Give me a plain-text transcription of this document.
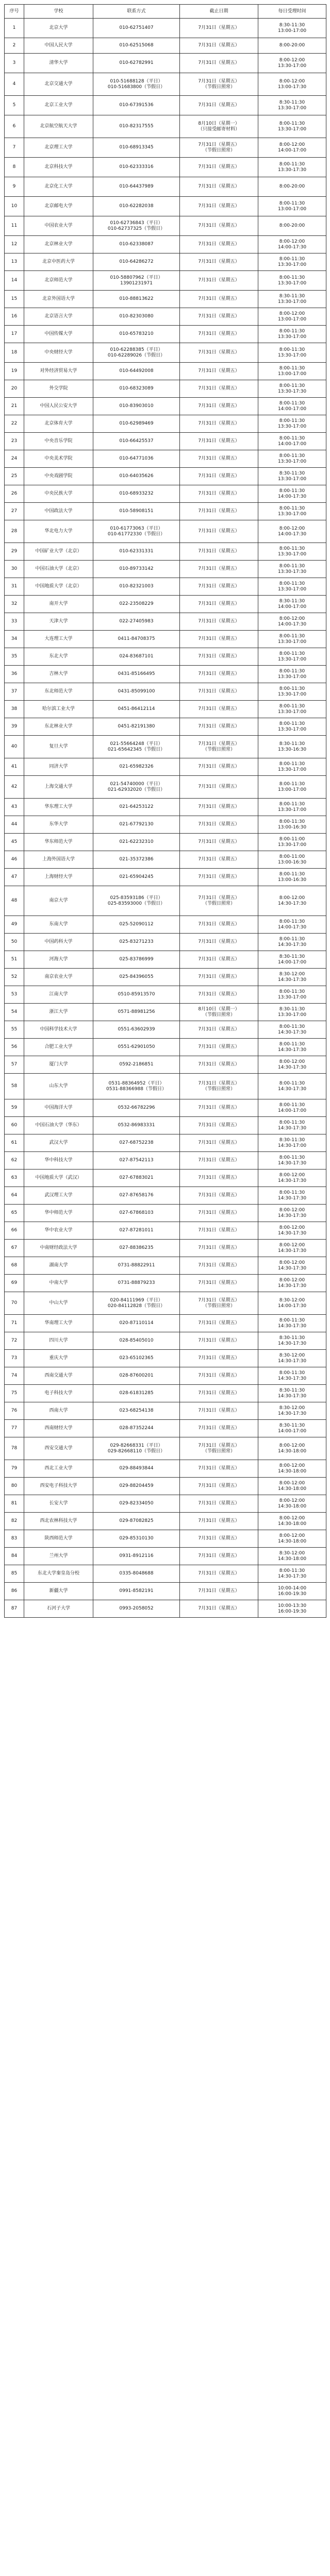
序号	学校	联系方式	截止日期	每日受理时间
1	北京大学	010-62751407	7月31日（星期五）	8:30-11:30
13:00-17:00
2	中国人民大学	010-62515068	7月31日（星期五）	8:00-20:00
3	清华大学	010-62782991	7月31日（星期五）	8:00-12:00
13:30-17:00
4	北京交通大学	010-51688128（平日）
010-51683800（节假日）	7月31日（星期五）
（节假日照常）	8:00-12:00
13:00-17:30
5	北京工业大学	010-67391536	7月31日（星期五）	8:30-11:30
13:30-17:00
6	北京航空航天大学	010-82317555	8月10日（星期一）
（只接受邮寄材料）	8:00-11:30
13:30-17:00
7	北京理工大学	010-68913345	7月31日（星期五）
（节假日照常）	8:00-12:00
14:00-17:00
8	北京科技大学	010-62333316	7月31日（星期五）	8:00-11:30
13:30-17:30
9	北京化工大学	010-64437989	7月31日（星期五）	8:00-20:00
10	北京邮电大学	010-62282038	7月31日（星期五）	8:00-11:30
13:00-17:00
11	中国农业大学	010-62736843（平日）
010-62737325（节假日）	7月31日（星期五）	8:00-20:00
12	北京林业大学	010-62338087	7月31日（星期五）	8:00-12:00
14:00-17:30
13	北京中医药大学	010-64286272	7月31日（星期五）	8:00-11:30
13:30-17:00
14	北京师范大学	010-58807962（平日）
13901231971	7月31日（星期五）	8:00-11:30
13:30-17:00
15	北京外国语大学	010-88813622	7月31日（星期五）	8:30-11:30
13:30-17:00
16	北京语言大学	010-82303080	7月31日（星期五）	8:00-12:00
13:00-17:00
17	中国传媒大学	010-65783210	7月31日（星期五）	8:00-11:30
13:30-17:00
18	中央财经大学	010-62288385（平日）
010-62289026（节假日）	7月31日（星期五）	8:00-11:30
13:30-17:00
19	对外经济贸易大学	010-64492008	7月31日（星期五）	8:00-11:30
13:00-17:00
20	外交学院	010-68323089	7月31日（星期五）	8:00-11:30
13:30-17:30
21	中国人民公安大学	010-83903010	7月31日（星期五）	8:00-11:30
14:00-17:00
22	北京体育大学	010-62989469	7月31日（星期五）	8:00-11:30
13:30-17:00
23	中央音乐学院	010-66425537	7月31日（星期五）	8:00-11:30
14:00-17:00
24	中央美术学院	010-64771036	7月31日（星期五）	8:00-11:30
13:30-17:00
25	中央戏剧学院	010-64035626	7月31日（星期五）	8:30-11:30
13:30-17:00
26	中央民族大学	010-68933232	7月31日（星期五）	8:00-11:30
14:00-17:30
27	中国政法大学	010-58908151	7月31日（星期五）	8:00-11:30
13:30-17:00
28	华北电力大学	010-61773063（平日）
010-61772330（节假日）	7月31日（星期五）	8:00-12:00
14:00-17:30
29	中国矿业大学（北京）	010-62331331	7月31日（星期五）	8:00-11:30
13:30-17:00
30	中国石油大学（北京）	010-89733142	7月31日（星期五）	8:00-11:30
13:30-17:30
31	中国地质大学（北京）	010-82321003	7月31日（星期五）	8:00-11:30
13:30-17:00
32	南开大学	022-23508229	7月31日（星期五）	8:30-11:30
14:00-17:00
33	天津大学	022-27405983	7月31日（星期五）	8:00-12:00
14:00-17:30
34	大连理工大学	0411-84708375	7月31日（星期五）	8:00-11:30
13:30-17:00
35	东北大学	024-83687101	7月31日（星期五）	8:00-11:30
13:30-17:00
36	吉林大学	0431-85166495	7月31日（星期五）	8:00-11:30
13:30-17:00
37	东北师范大学	0431-85099100	7月31日（星期五）	8:00-11:30
13:30-17:00
38	哈尔滨工业大学	0451-86412114	7月31日（星期五）	8:00-11:30
13:30-17:00
39	东北林业大学	0451-82191380	7月31日（星期五）	8:00-11:30
13:30-17:00
40	复旦大学	021-55664248（平日）
021-65642345（节假日）	7月31日（星期五）
（节假日照常）	8:30-11:30
13:30-16:30
41	同济大学	021-65982326	7月31日（星期五）	8:00-11:30
13:30-17:00
42	上海交通大学	021-54740000（平日）
021-62932020（节假日）	7月31日（星期五）	8:00-11:30
13:00-17:00
43	华东理工大学	021-64253122	7月31日（星期五）	8:00-11:30
13:30-17:00
44	东华大学	021-67792130	7月31日（星期五）	8:00-11:30
13:00-16:30
45	华东师范大学	021-62232310	7月31日（星期五）	8:00-11:00
13:30-17:00
46	上海外国语大学	021-35372386	7月31日（星期五）	8:00-11:00
13:00-16:30
47	上海财经大学	021-65904245	7月31日（星期五）	8:00-11:30
13:00-16:30
48	南京大学	025-83593186（平日）
025-83593000（节假日）	7月31日（星期五）
（节假日照常）	8:00-12:00
14:30-17:30
49	东南大学	025-52090112	7月31日（星期五）	8:00-11:30
14:00-17:30
50	中国药科大学	025-83271233	7月31日（星期五）	8:00-11:30
14:30-17:30
51	河海大学	025-83786999	7月31日（星期五）	8:30-11:30
14:00-17:00
52	南京农业大学	025-84396055	7月31日（星期五）	8:30-12:00
14:30-17:30
53	江南大学	0510-85913570	7月31日（星期五）	8:00-11:30
13:30-17:00
54	浙江大学	0571-88981256	8月10日（星期一）
（节假日照常）	8:30-11:30
13:30-17:00
55	中国科学技术大学	0551-63602939	7月31日（星期五）	8:00-11:30
14:30-17:30
56	合肥工业大学	0551-62901050	7月31日（星期五）	8:00-11:30
14:30-17:30
57	厦门大学	0592-2186851	7月31日（星期五）	8:00-12:00
14:30-17:30
58	山东大学	0531-88364952（平日）
0531-88366988（节假日）	7月31日（星期五）
（节假日照常）	8:00-11:30
14:30-17:30
59	中国海洋大学	0532-66782296	7月31日（星期五）	8:00-11:30
14:00-17:00
60	中国石油大学（华东）	0532-86983331	7月31日（星期五）	8:00-11:30
14:30-17:30
61	武汉大学	027-68752238	7月31日（星期五）	8:30-11:30
14:30-17:00
62	华中科技大学	027-87542113	7月31日（星期五）	8:00-11:30
14:30-17:30
63	中国地质大学（武汉）	027-67883021	7月31日（星期五）	8:00-12:00
14:30-17:30
64	武汉理工大学	027-87658176	7月31日（星期五）	8:00-11:30
14:30-17:30
65	华中师范大学	027-67868103	7月31日（星期五）	8:00-12:00
14:30-17:30
66	华中农业大学	027-87281011	7月31日（星期五）	8:00-12:00
14:30-17:30
67	中南财经政法大学	027-88386235	7月31日（星期五）	8:00-12:00
14:30-17:30
68	湖南大学	0731-88822911	7月31日（星期五）	8:00-12:00
14:30-17:30
69	中南大学	0731-88879233	7月31日（星期五）	8:00-12:00
14:30-17:30
70	中山大学	020-84111969（平日）
020-84112828（节假日）	7月31日（星期五）
（节假日照常）	8:30-12:00
14:00-17:30
71	华南理工大学	020-87110114	7月31日（星期五）	8:00-11:30
14:30-17:30
72	四川大学	028-85405010	7月31日（星期五）	8:30-11:30
14:30-17:30
73	重庆大学	023-65102365	7月31日（星期五）	8:30-12:00
14:30-17:30
74	西南交通大学	028-87600201	7月31日（星期五）	8:00-11:30
14:30-17:30
75	电子科技大学	028-61831285	7月31日（星期五）	8:30-11:30
14:30-17:30
76	西南大学	023-68254138	7月31日（星期五）	8:30-12:00
14:30-17:30
77	西南财经大学	028-87352244	7月31日（星期五）	8:30-11:30
14:00-17:00
78	西安交通大学	029-82668331（平日）
029-82668110（节假日）	7月31日（星期五）
（节假日照常）	8:00-12:00
14:30-18:00
79	西北工业大学	029-88493844	7月31日（星期五）	8:00-12:00
14:30-18:00
80	西安电子科技大学	029-88204459	7月31日（星期五）	8:00-12:00
14:30-18:00
81	长安大学	029-82334050	7月31日（星期五）	8:00-12:00
14:30-18:00
82	西北农林科技大学	029-87082825	7月31日（星期五）	8:00-12:00
14:30-18:00
83	陕西师范大学	029-85310130	7月31日（星期五）	8:00-12:00
14:30-18:00
84	兰州大学	0931-8912116	7月31日（星期五）	8:30-12:00
14:30-18:00
85	东北大学秦皇岛分校	0335-8048688	7月31日（星期五）	8:00-11:30
14:30-17:30
86	新疆大学	0991-8582191	7月31日（星期五）	10:00-14:00
16:00-19:30
87	石河子大学	0993-2058052	7月31日（星期五）	10:00-13:30
16:00-19:30
